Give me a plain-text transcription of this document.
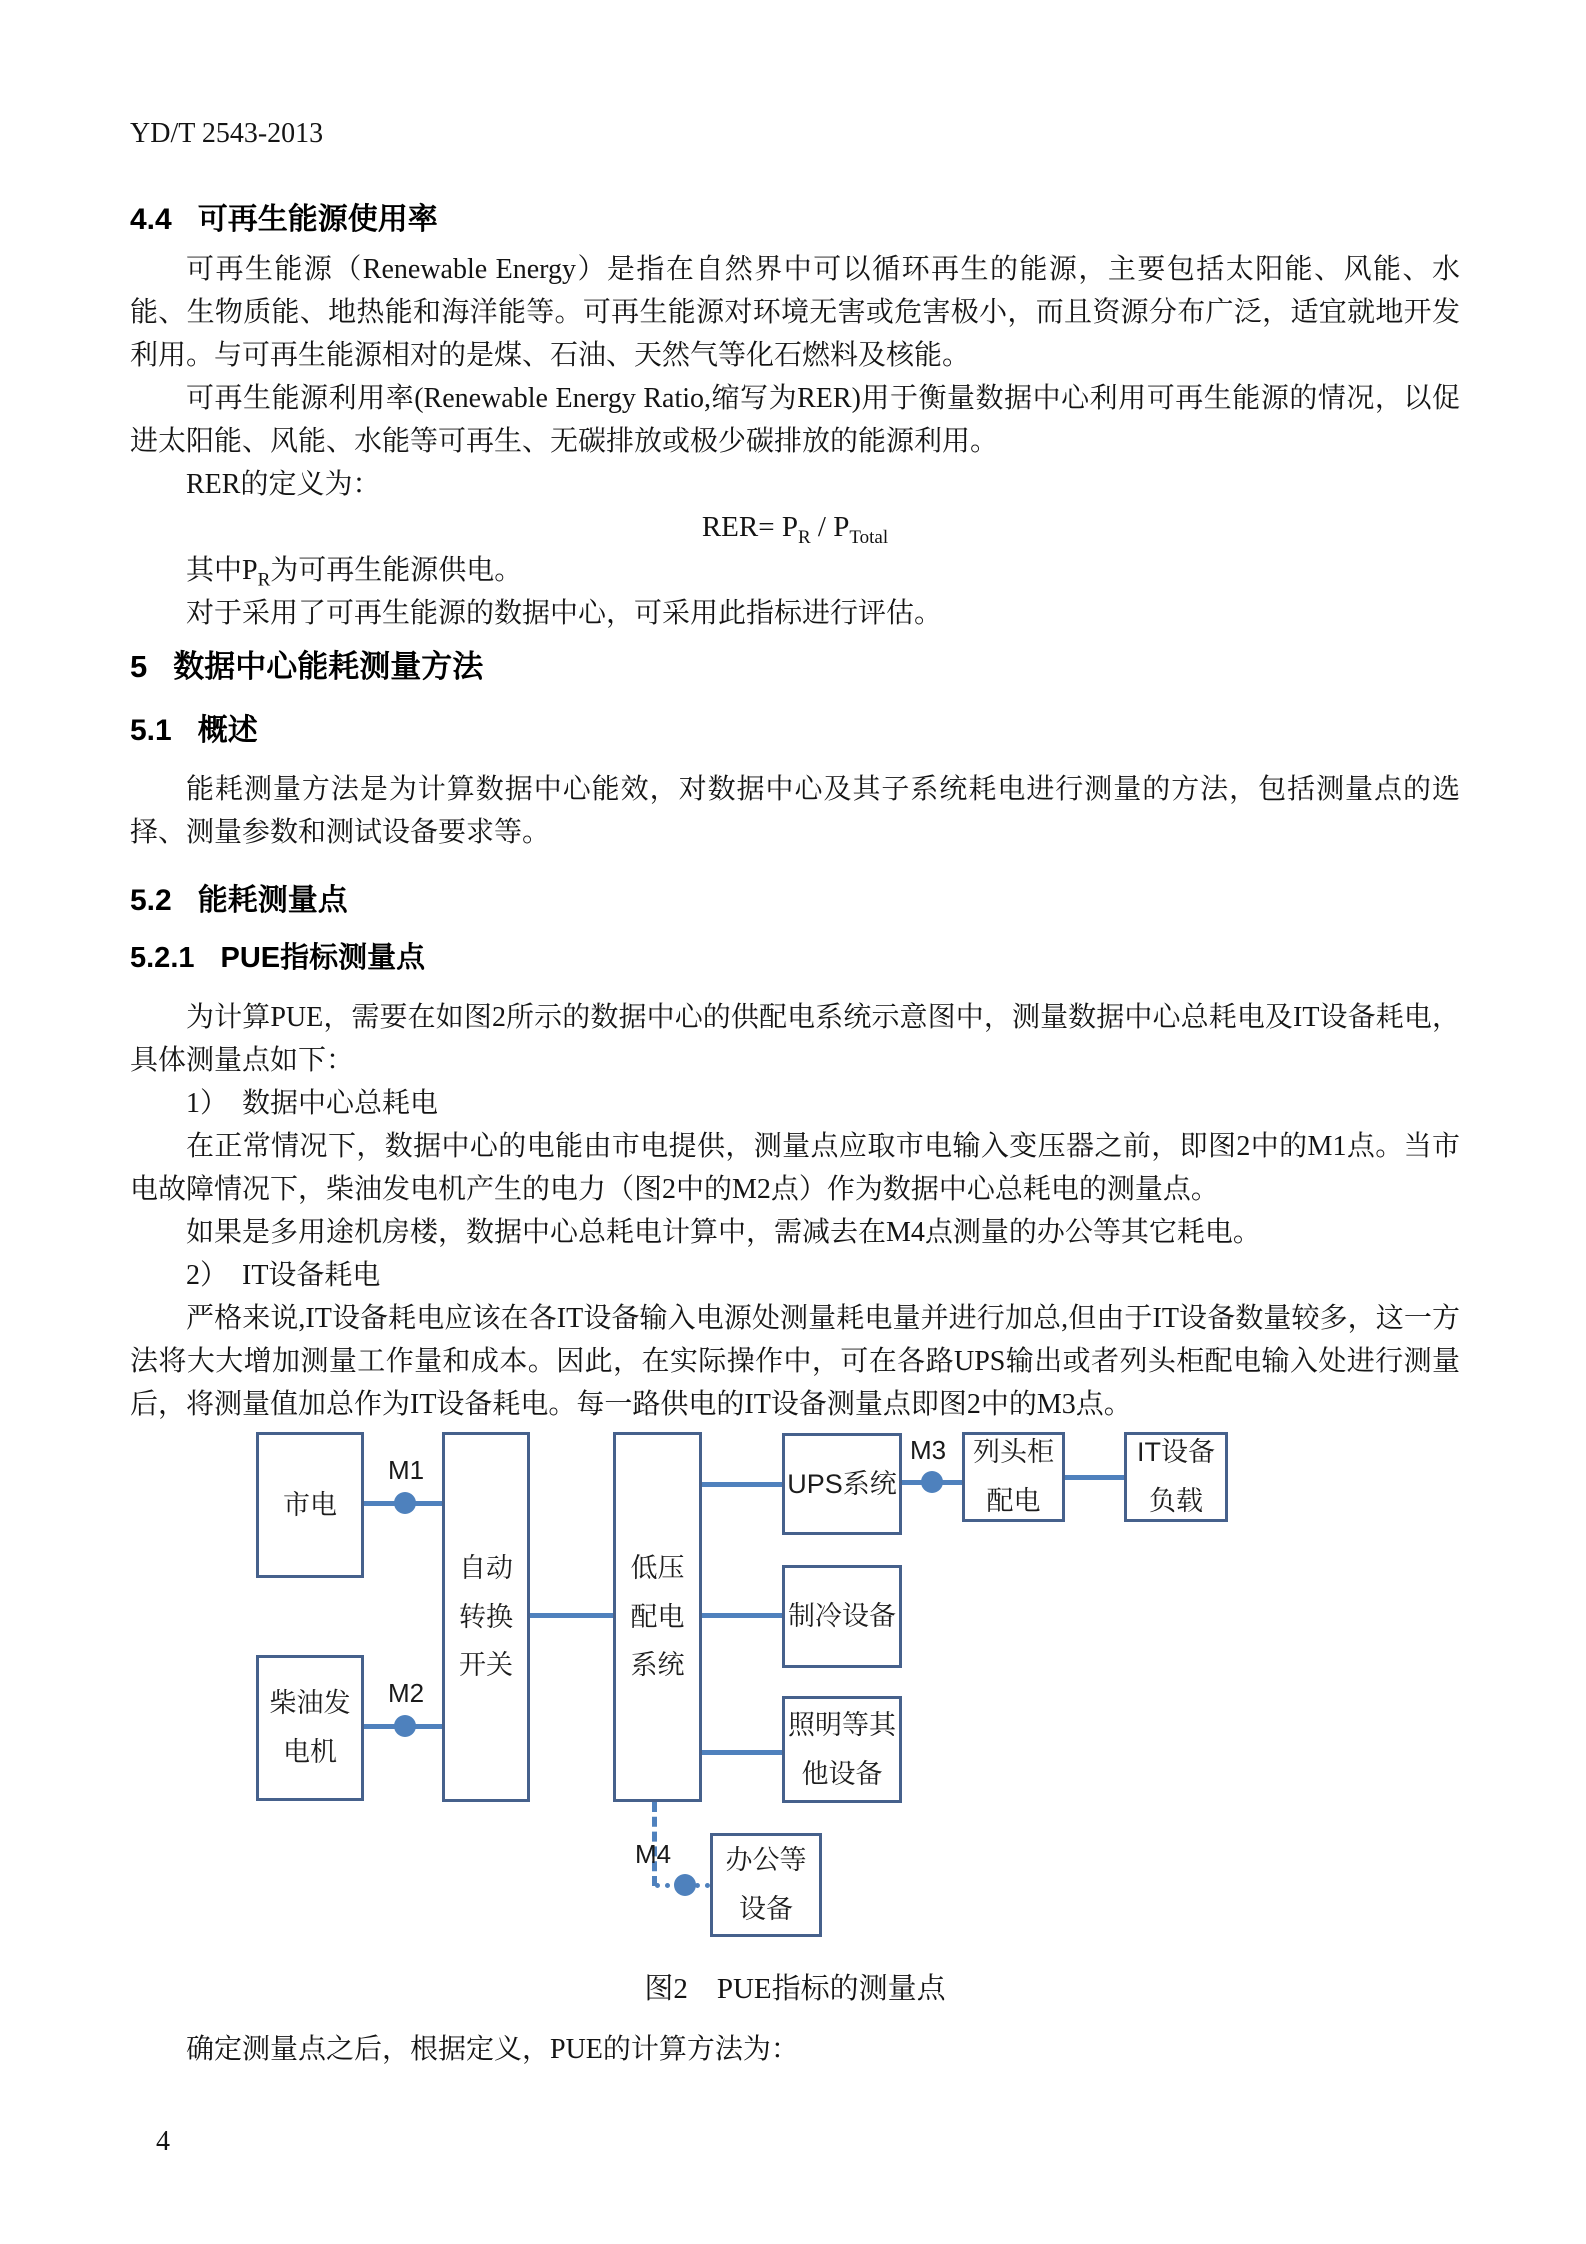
YD/T 2543-2013
4.4 可再生能源使用率

可再生能源（Renewable Energy）是指在自然界中可以循环再生的能源，主要包括太阳能、风能、水能、生物质能、地热能和海洋能等。可再生能源对环境无害或危害极小，而且资源分布广泛，适宜就地开发利用。与可再生能源相对的是煤、石油、天然气等化石燃料及核能。

可再生能源利用率(Renewable Energy Ratio,缩写为RER)用于衡量数据中心利用可再生能源的情况，以促进太阳能、风能、水能等可再生、无碳排放或极少碳排放的能源利用。

RER的定义为：

$RER= P_R / P_{Total}$

其中$P_R$为可再生能源供电。

对于采用了可再生能源的数据中心，可采用此指标进行评估。

5 数据中心能耗测量方法
5.1 概述

能耗测量方法是为计算数据中心能效，对数据中心及其子系统耗电进行测量的方法，包括测量点的选择、测量参数和测试设备要求等。

5.2 能耗测量点
5.2.1 PUE指标测量点

为计算PUE，需要在如图2所示的数据中心的供配电系统示意图中，测量数据中心总耗电及IT设备耗电，具体测量点如下：

1）　数据中心总耗电

在正常情况下，数据中心的电能由市电提供，测量点应取市电输入变压器之前，即图2中的M1点。当市电故障情况下，柴油发电机产生的电力（图2中的M2点）作为数据中心总耗电的测量点。

如果是多用途机房楼，数据中心总耗电计算中，需减去在M4点测量的办公等其它耗电。

2）　IT设备耗电

严格来说,IT设备耗电应该在各IT设备输入电源处测量耗电量并进行加总,但由于IT设备数量较多，这一方法将大大增加测量工作量和成本。因此，在实际操作中，可在各路UPS输出或者列头柜配电输入处进行测量后，将测量值加总作为IT设备耗电。每一路供电的IT设备测量点即图2中的M3点。

市电
柴油发
电机
自动
转换
开关
低压
配电
系统
UPS系统
制冷设备
照明等其
他设备
办公等
设备
列头柜
配电
IT设备
负载
M1
M2
M3
M4
图2　PUE指标的测量点

确定测量点之后，根据定义，PUE的计算方法为：

4
